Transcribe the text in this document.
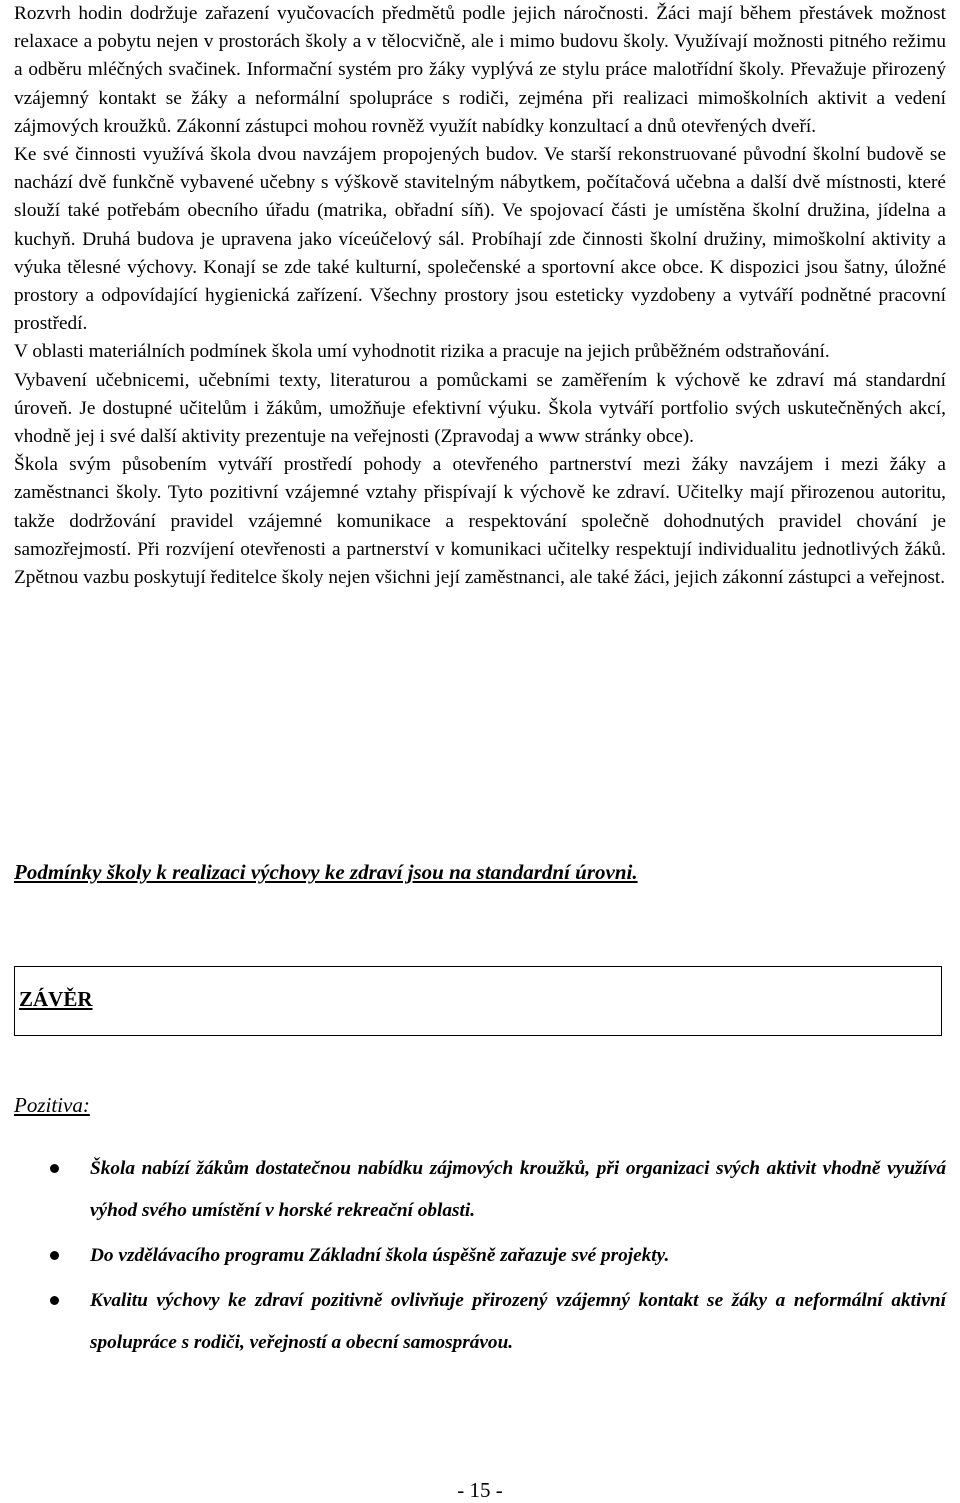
Rozvrh hodin dodržuje zařazení vyučovacích předmětů podle jejich náročnosti. Žáci mají během přestávek možnost relaxace a pobytu nejen v prostorách školy a v tělocvičně, ale i mimo budovu školy. Využívají možnosti pitného režimu a odběru mléčných svačinek. Informační systém pro žáky vyplývá ze stylu práce malotřídní školy. Převažuje přirozený vzájemný kontakt se žáky a neformální spolupráce s rodiči, zejména při realizaci mimoškolních aktivit a vedení zájmových kroužků. Zákonní zástupci mohou rovněž využít nabídky konzultací a dnů otevřených dveří.

Ke své činnosti využívá škola dvou navzájem propojených budov. Ve starší rekonstruované původní školní budově se nachází dvě funkčně vybavené učebny s výškově stavitelným nábytkem, počítačová učebna a další dvě místnosti, které slouží také potřebám obecního úřadu (matrika, obřadní síň). Ve spojovací části je umístěna školní družina, jídelna a kuchyň. Druhá budova je upravena jako víceúčelový sál. Probíhají zde činnosti školní družiny, mimoškolní aktivity a výuka tělesné výchovy. Konají se zde také kulturní, společenské a sportovní akce obce. K dispozici jsou šatny, úložné prostory a odpovídající hygienická zařízení. Všechny prostory jsou esteticky vyzdobeny a vytváří podnětné pracovní prostředí.

V oblasti materiálních podmínek škola umí vyhodnotit rizika a pracuje na jejich průběžném odstraňování.

Vybavení učebnicemi, učebními texty, literaturou a pomůckami se zaměřením k výchově ke zdraví má standardní úroveň. Je dostupné učitelům i žákům, umožňuje efektivní výuku. Škola vytváří portfolio svých uskutečněných akcí, vhodně jej i své další aktivity prezentuje na veřejnosti (Zpravodaj a www stránky obce).

Škola svým působením vytváří prostředí pohody a otevřeného partnerství mezi žáky navzájem i mezi žáky a zaměstnanci školy. Tyto pozitivní vzájemné vztahy přispívají k výchově ke zdraví. Učitelky mají přirozenou autoritu, takže dodržování pravidel vzájemné komunikace a respektování společně dohodnutých pravidel chování je samozřejmostí. Při rozvíjení otevřenosti a partnerství v komunikaci učitelky respektují individualitu jednotlivých žáků. Zpětnou vazbu poskytují ředitelce školy nejen všichni její zaměstnanci, ale také žáci, jejich zákonní zástupci a veřejnost.

Podmínky školy k realizaci výchovy ke zdraví jsou na standardní úrovni.
ZÁVĚR
Pozitiva:
Škola nabízí žákům dostatečnou nabídku zájmových kroužků, při organizaci svých aktivit vhodně využívá výhod svého umístění v horské rekreační oblasti.
Do vzdělávacího programu Základní škola úspěšně zařazuje své projekty.
Kvalitu výchovy ke zdraví pozitivně ovlivňuje přirozený vzájemný kontakt se žáky a neformální aktivní spolupráce s rodiči, veřejností a obecní samosprávou.
- 15 -
